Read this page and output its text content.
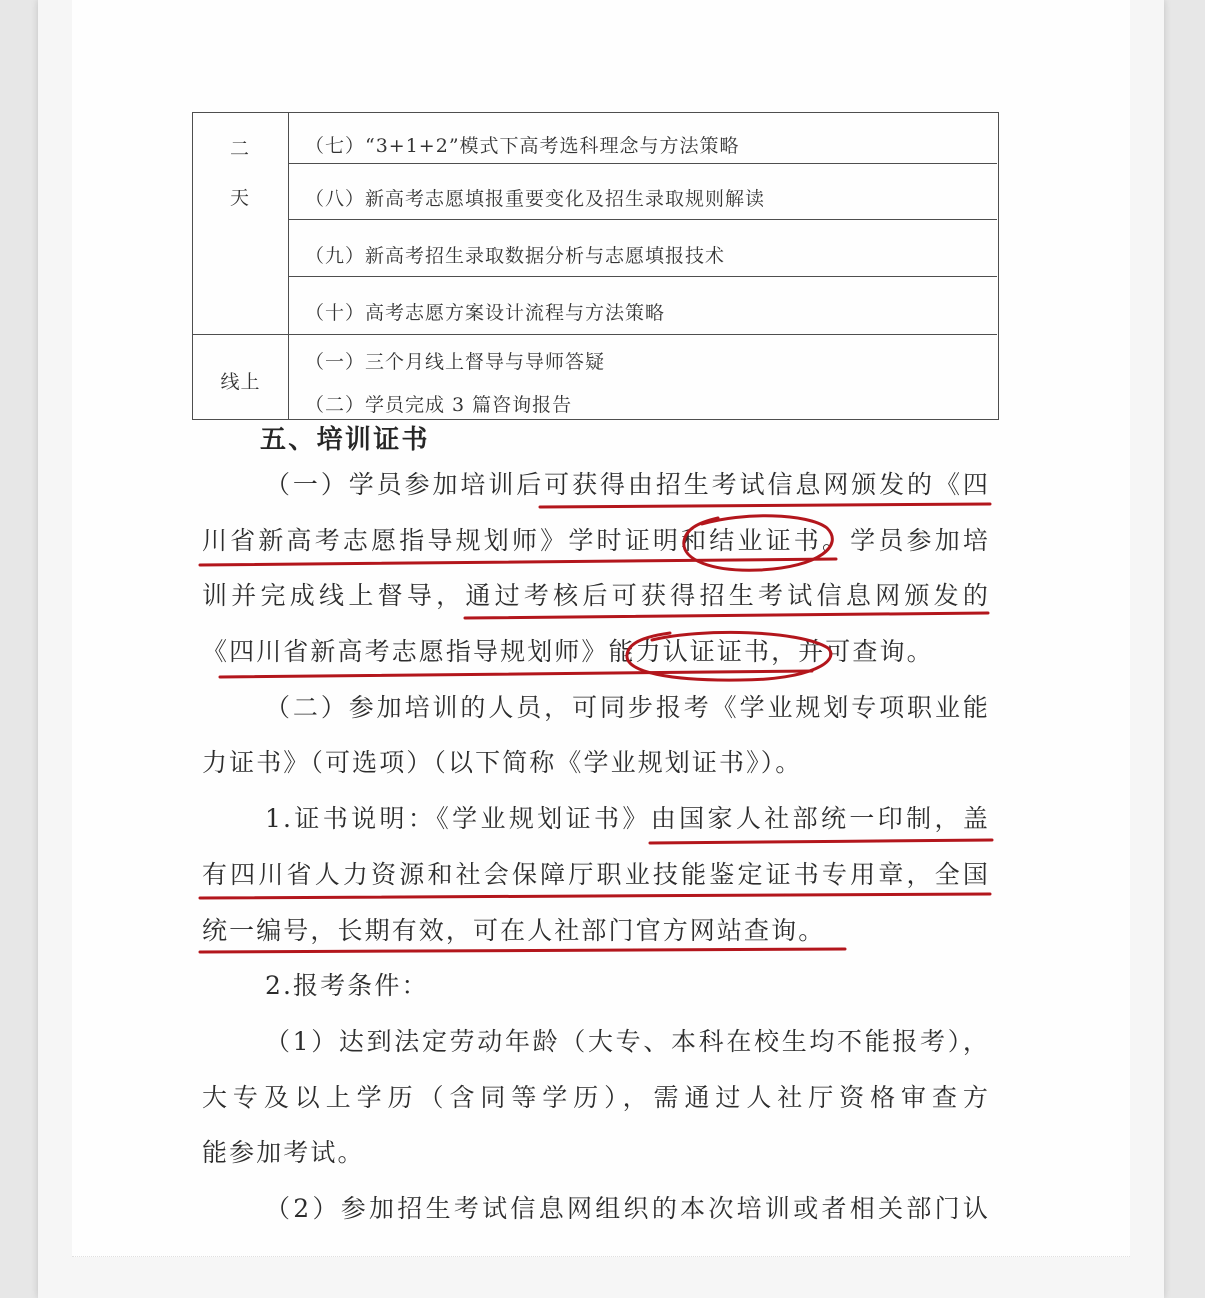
二
天
（七）“3+1+2”模式下高考选科理念与方法策略
（八）新高考志愿填报重要变化及招生录取规则解读
（九）新高考招生录取数据分析与志愿填报技术
（十）高考志愿方案设计流程与方法策略
线上
（一）三个月线上督导与导师答疑
（二）学员完成 3 篇咨询报告
五、培训证书
（一）学员参加培训后可获得由招生考试信息网颁发的《四
川省新高考志愿指导规划师》学时证明和结业证书。学员参加培
训并完成线上督导，通过考核后可获得招生考试信息网颁发的
《四川省新高考志愿指导规划师》能力认证证书，并可查询。
（二）参加培训的人员，可同步报考《学业规划专项职业能
力证书》（可选项）（以下简称《学业规划证书》）。
1.证书说明：《学业规划证书》由国家人社部统一印制，盖
有四川省人力资源和社会保障厅职业技能鉴定证书专用章，全国
统一编号，长期有效，可在人社部门官方网站查询。
2.报考条件：
（1）达到法定劳动年龄（大专、本科在校生均不能报考），
大专及以上学历（含同等学历），需通过人社厅资格审查方
能参加考试。
（2）参加招生考试信息网组织的本次培训或者相关部门认
